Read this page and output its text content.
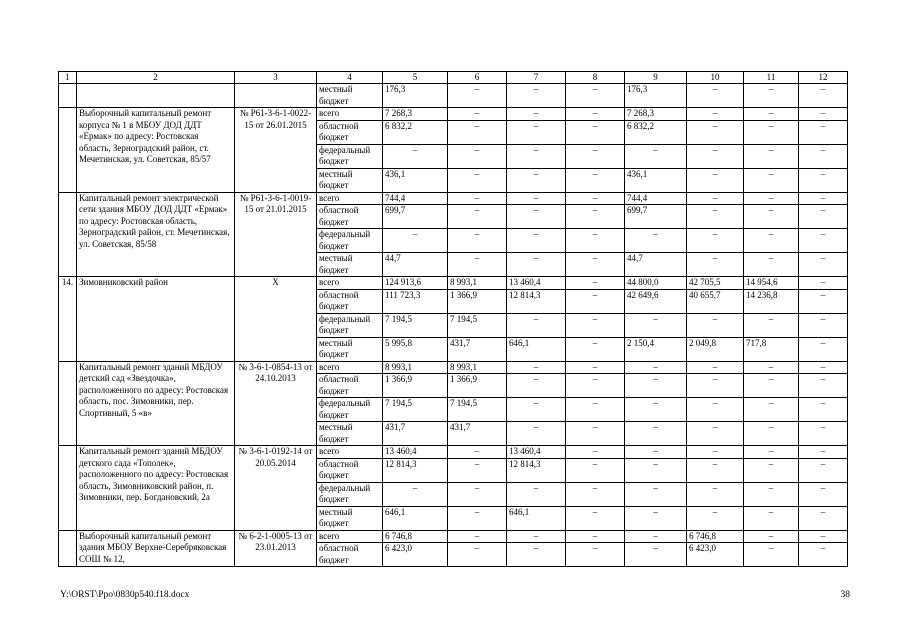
1	2	3	4	5	6	7	8	9	10	11	12
			местный бюджет	176,3	–	–	–	176,3	–	–	–
	Выборочный капитальный ремонт корпуса № 1 в МБОУ ДОД ДДТ «Ермак» по адресу: Ростовская область, Зерноградский район, ст. Мечетинская, ул. Советская, 85/57	№ Р61-3-6-1-0022-15 от 26.01.2015	всего	7 268,3	–	–	–	7 268,3	–	–	–
			областной бюджет	6 832,2	–	–	–	6 832,2	–	–	–
			федеральный бюджет	–	–	–	–	–	–	–	–
			местный бюджет	436,1	–	–	–	436,1	–	–	–
	Капитальный ремонт электрической сети здания МБОУ ДОД ДДТ «Ермак» по адресу: Ростовская область, Зерноградский район, ст. Мечетинская, ул. Советская, 85/58	№ Р61-3-6-1-0019-15 от 21.01.2015	всего	744,4	–	–	–	744,4	–	–	–
			областной бюджет	699,7	–	–	–	699,7	–	–	–
			федеральный бюджет	–	–	–	–	–	–	–	–
			местный бюджет	44,7	–	–	–	44,7	–	–	–
14.	Зимовниковский район	Х	всего	124 913,6	8 993,1	13 460,4	–	44 800,0	42 705,5	14 954,6	–
			областной бюджет	111 723,3	1 366,9	12 814,3	–	42 649,6	40 655,7	14 236,8	–
			федеральный бюджет	7 194,5	7 194,5	–	–	–	–	–	–
			местный бюджет	5 995,8	431,7	646,1	–	2 150,4	2 049,8	717,8	–
	Капитальный ремонт зданий МБДОУ детский сад «Звездочка», расположенного по адресу: Ростовская область, пос. Зимовники, пер. Спортивный, 5 «в»	№ 3-6-1-0854-13 от 24.10.2013	всего	8 993,1	8 993,1	–	–	–	–	–	–
			областной бюджет	1 366,9	1 366,9	–	–	–	–	–	–
			федеральный бюджет	7 194,5	7 194,5	–	–	–	–	–	–
			местный бюджет	431,7	431,7	–	–	–	–	–	–
	Капитальный ремонт зданий МБДОУ детского сада «Тополек», расположенного по адресу: Ростовская область, Зимовниковский район, п. Зимовники, пер. Богдановский, 2а	№ 3-6-1-0192-14 от 20.05.2014	всего	13 460,4	–	13 460,4	–	–	–	–	–
			областной бюджет	12 814,3	–	12 814,3	–	–	–	–	–
			федеральный бюджет	–	–	–	–	–	–	–	–
			местный бюджет	646,1	–	646,1	–	–	–	–	–
	Выборочный капитальный ремонт здания МБОУ Верхне-Серебряковская СОШ № 12,	№ 6-2-1-0005-13 от 23.01.2013	всего	6 746,8	–	–	–	–	6 746,8	–	–
			областной бюджет	6 423,0	–	–	–	–	6 423,0	–	–
Y:\ORST\Ppo\0830p540.f18.docx	38
